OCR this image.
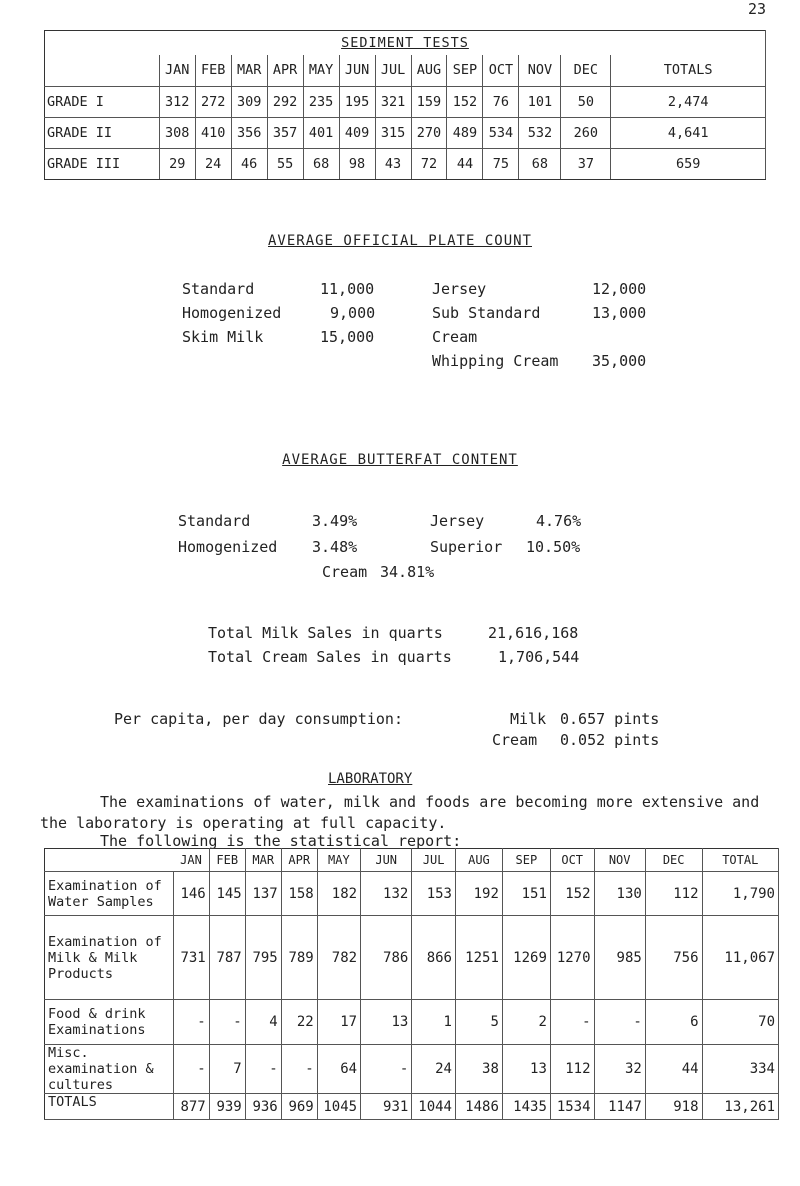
23
SEDIMENT TESTS													
	JAN	FEB	MAR	APR	MAY	JUN	JUL	AUG	SEP	OCT	NOV	DEC	TOTALS
GRADE I	312	272	309	292	235	195	321	159	152	76	101	50	2,474
GRADE II	308	410	356	357	401	409	315	270	489	534	532	260	4,641
GRADE III	29	24	46	55	68	98	43	72	44	75	68	37	659
AVERAGE OFFICIAL PLATE COUNT
Standard	11,000
Homogenized	9,000
Skim Milk	15,000
Jersey	12,000
Sub Standard	13,000
Cream
Whipping Cream 35,000
AVERAGE BUTTERFAT CONTENT
Standard	3.49%
Homogenized 3.48%
Jersey	4.76%
Superior 10.50%
Cream 34.81%
Total Milk Sales in quarts	21,616,168
Total Cream Sales in quarts	1,706,544
Per capita, per day consumption:	Milk 0.657 pints
Cream 0.052 pints
LABORATORY
The examinations of water, milk and foods are becoming more extensive and the laboratory is operating at full capacity.
The following is the statistical report:
	JAN	FEB	MAR	APR	MAY	JUN	JUL	AUG	SEP	OCT	NOV	DEC	TOTAL
Examination of Water Samples	146	145	137	158	182	132	153	192	151	152	130	112	1,790
Examination of Milk & Milk Products	731	787	795	789	782	786	866	1251	1269	1270	985	756	11,067
Food & drink Examinations	-	-	4	22	17	13	1	5	2	-	-	6	70
Misc. examination & cultures	-	7	-	-	64	-	24	38	13	112	32	44	334
TOTALS	877	939	936	969	1045	931	1044	1486	1435	1534	1147	918	13,261
